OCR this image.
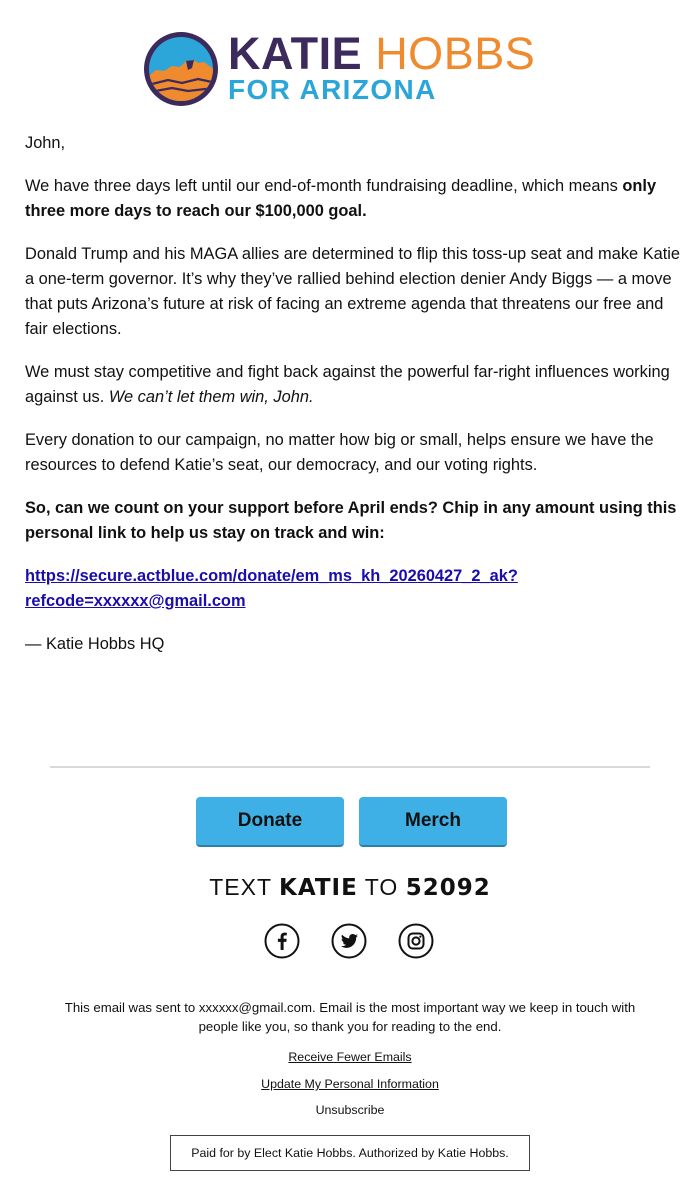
KATIE HOBBS
FOR ARIZONA

John,

We have three days left until our end-of-month fundraising deadline, which means only three more days to reach our $100,000 goal.

Donald Trump and his MAGA allies are determined to flip this toss-up seat and make Katie a one-term governor. It’s why they’ve rallied behind election denier Andy Biggs — a move that puts Arizona’s future at risk of facing an extreme agenda that threatens our free and fair elections.

We must stay competitive and fight back against the powerful far-right influences working against us. We can’t let them win, John.

Every donation to our campaign, no matter how big or small, helps ensure we have the resources to defend Katie’s seat, our democracy, and our voting rights.

So, can we count on your support before April ends? Chip in any amount using this personal link to help us stay on track and win:

https://secure.actblue.com/donate/em_ms_kh_20260427_2_ak?
refcode=xxxxxx@gmail.com

— Katie Hobbs HQ

Donate	Merch
TEXT KATIE TO 52092
This email was sent to xxxxxx@gmail.com. Email is the most important way we keep in touch with people like you, so thank you for reading to the end.
Receive Fewer Emails
Update My Personal Information
Unsubscribe
Paid for by Elect Katie Hobbs. Authorized by Katie Hobbs.
